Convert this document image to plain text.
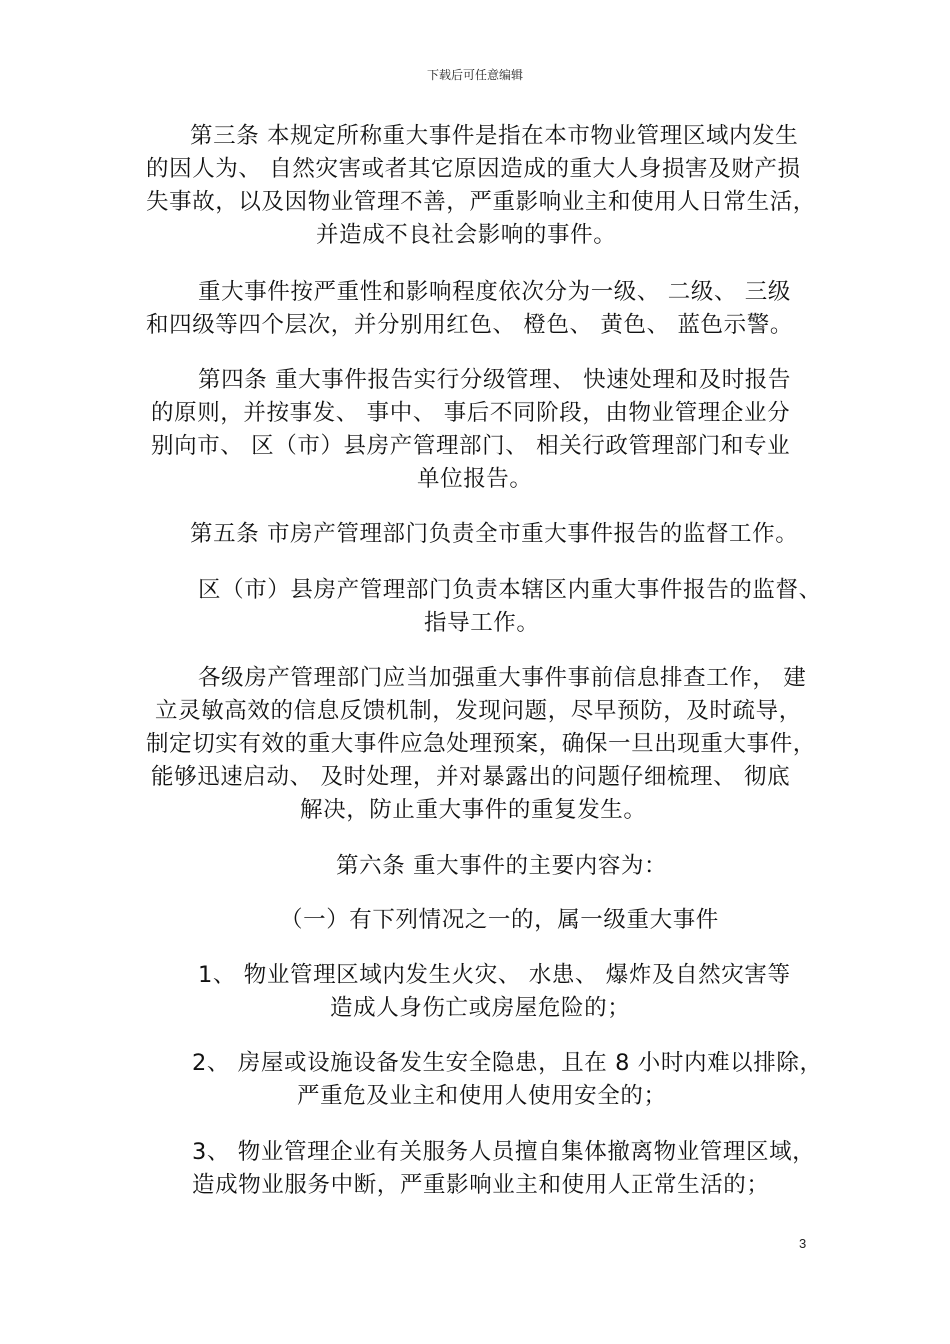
下载后可任意编辑
第三条 本规定所称重大事件是指在本市物业管理区域内发生
的因人为、 自然灾害或者其它原因造成的重大人身损害及财产损
失事故，以及因物业管理不善，严重影响业主和使用人日常生活，
并造成不良社会影响的事件。
重大事件按严重性和影响程度依次分为一级、 二级、 三级
和四级等四个层次，并分别用红色、 橙色、 黄色、 蓝色示警。
第四条 重大事件报告实行分级管理、 快速处理和及时报告
的原则，并按事发、 事中、 事后不同阶段，由物业管理企业分
别向市、 区（市）县房产管理部门、 相关行政管理部门和专业
单位报告。
第五条 市房产管理部门负责全市重大事件报告的监督工作。
区（市）县房产管理部门负责本辖区内重大事件报告的监督、
指导工作。
各级房产管理部门应当加强重大事件事前信息排查工作， 建
立灵敏高效的信息反馈机制，发现问题，尽早预防，及时疏导，
制定切实有效的重大事件应急处理预案，确保一旦出现重大事件，
能够迅速启动、 及时处理，并对暴露出的问题仔细梳理、 彻底
解决，防止重大事件的重复发生。
第六条 重大事件的主要内容为：
（一）有下列情况之一的，属一级重大事件
1、 物业管理区域内发生火灾、 水患、 爆炸及自然灾害等
造成人身伤亡或房屋危险的；
2、 房屋或设施设备发生安全隐患，且在 8 小时内难以排除，
严重危及业主和使用人使用安全的；
3、 物业管理企业有关服务人员擅自集体撤离物业管理区域，
造成物业服务中断，严重影响业主和使用人正常生活的；
3
